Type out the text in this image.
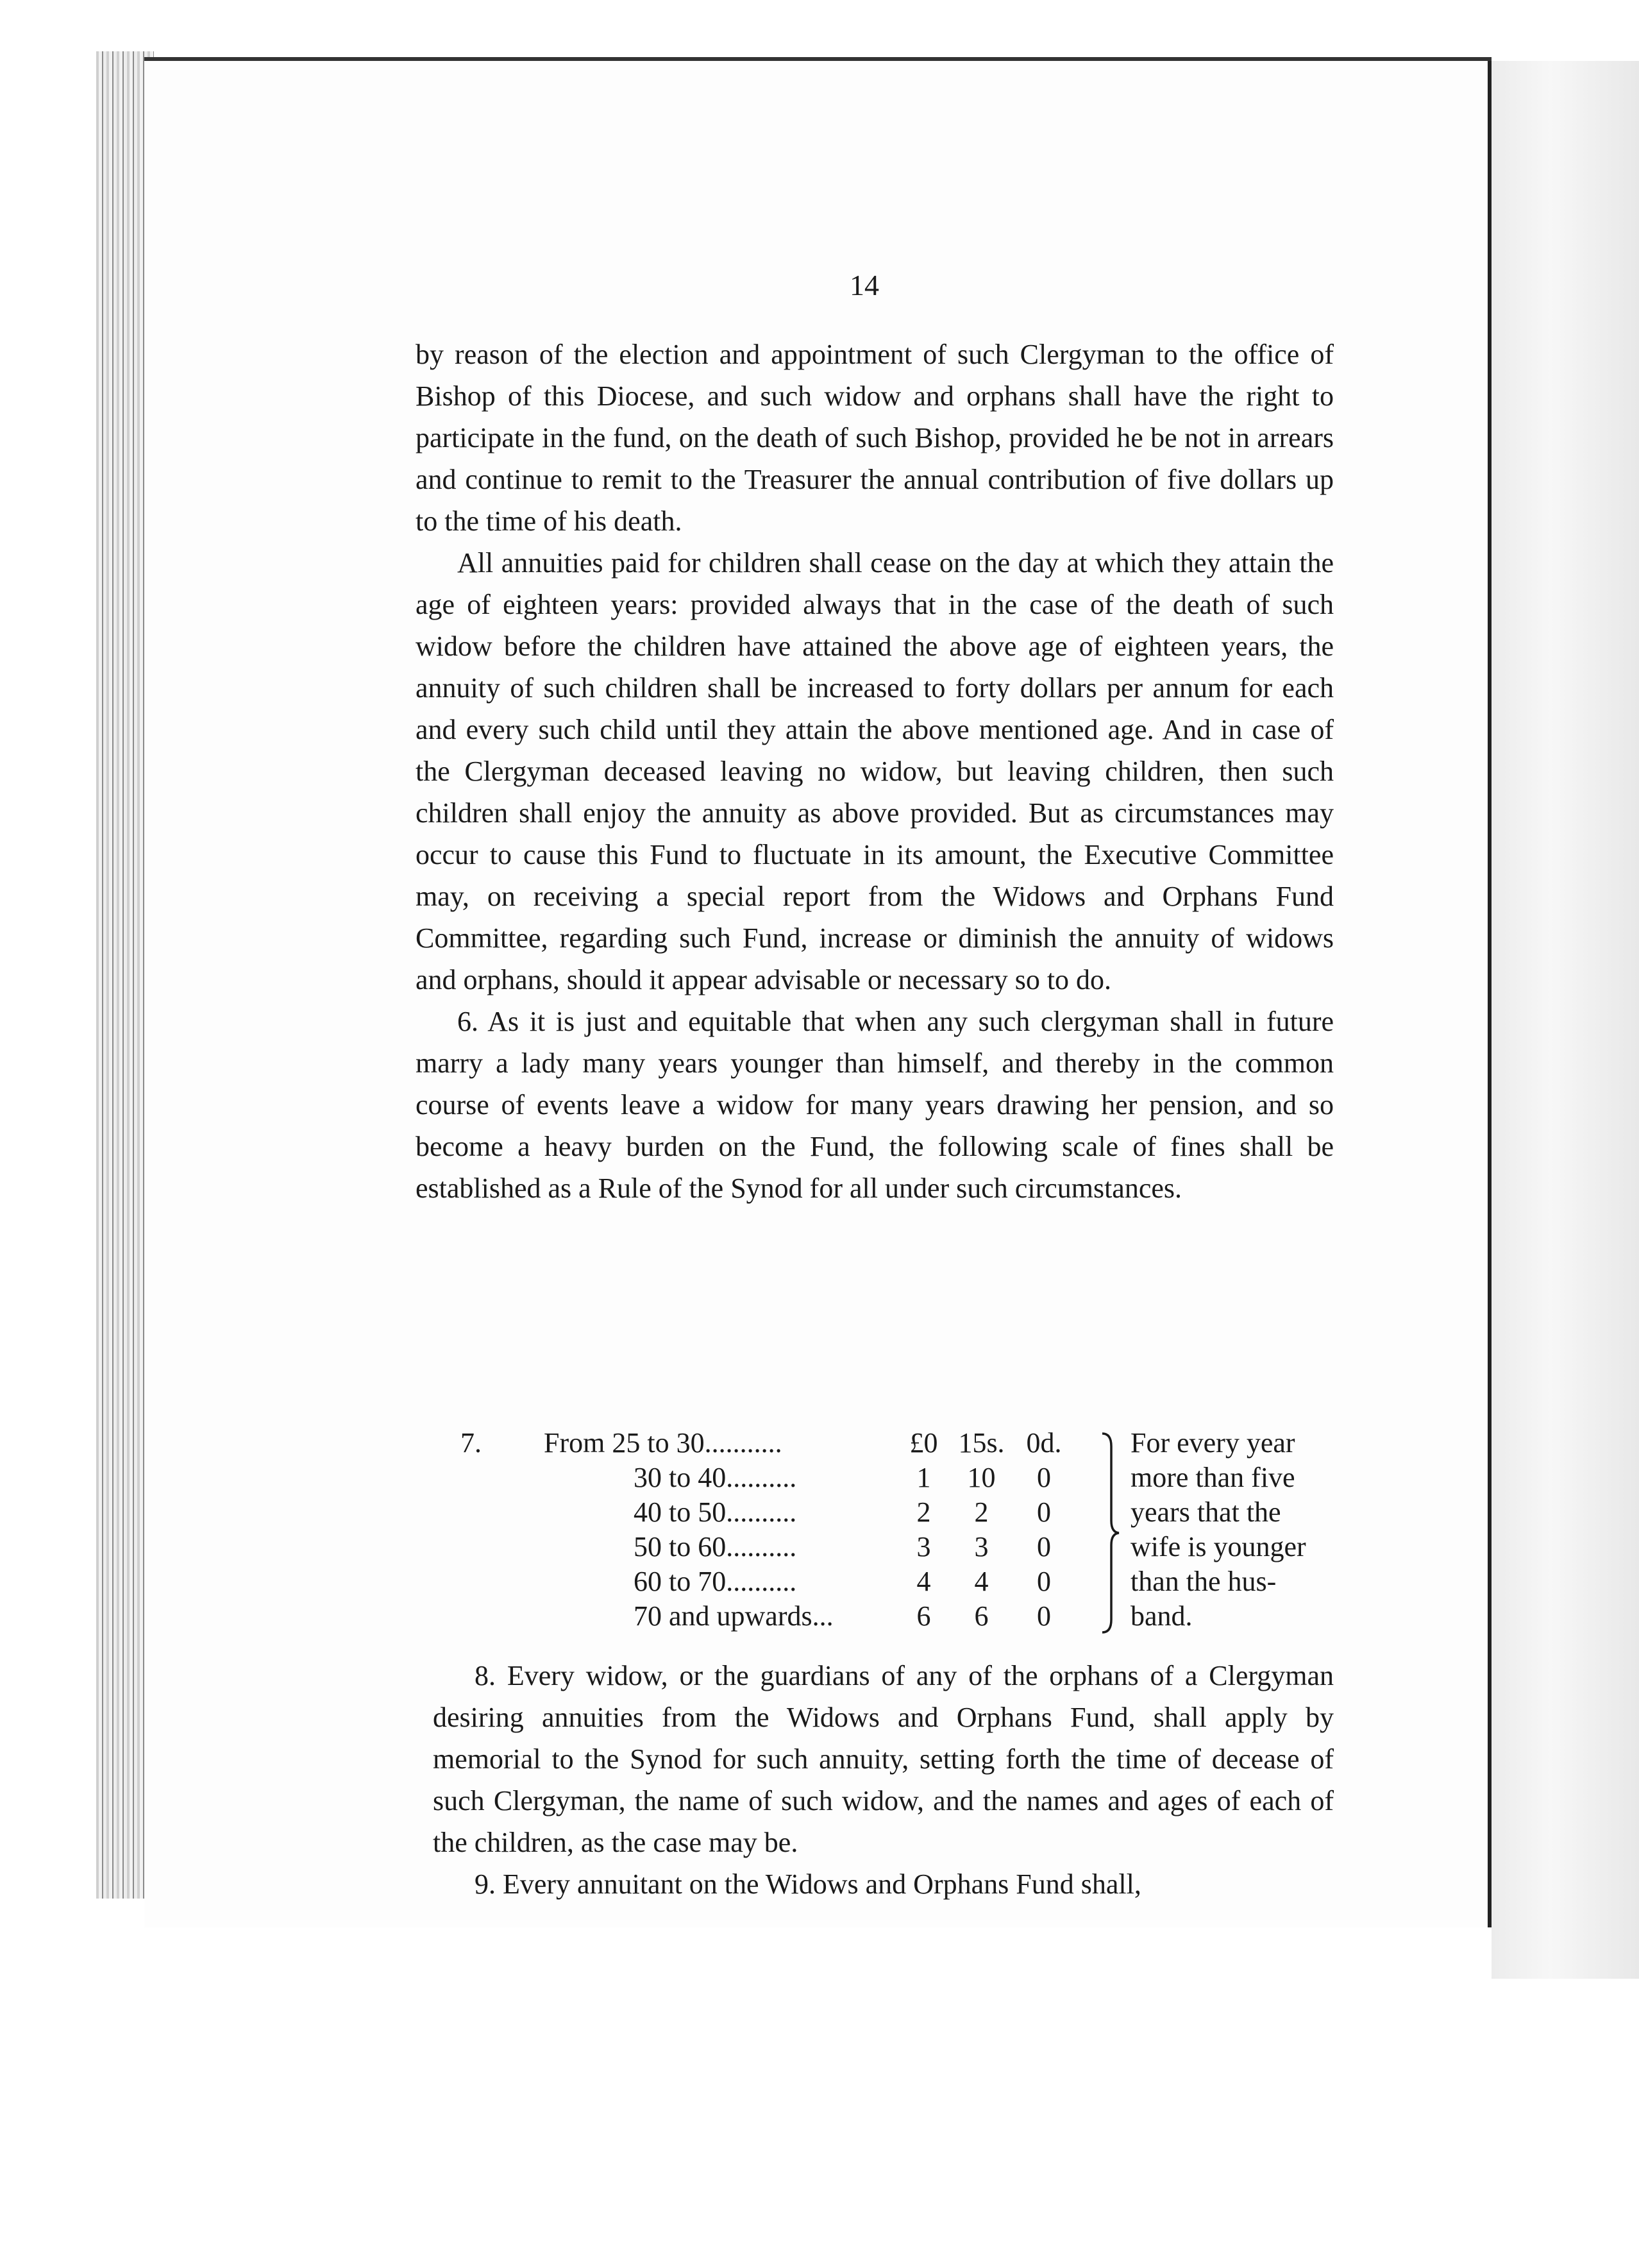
14

by reason of the election and appointment of such Clergyman to the office of Bishop of this Diocese, and such widow and orphans shall have the right to participate in the fund, on the death of such Bishop, provided he be not in arrears and continue to remit to the Treasurer the annual contribution of five dollars up to the time of his death.

All annuities paid for children shall cease on the day at which they attain the age of eighteen years: provided always that in the case of the death of such widow before the children have attained the above age of eighteen years, the annuity of such children shall be increased to forty dollars per annum for each and every such child until they attain the above mentioned age. And in case of the Clergyman deceased leaving no widow, but leaving children, then such children shall enjoy the annuity as above provided. But as circumstances may occur to cause this Fund to fluctuate in its amount, the Executive Committee may, on receiving a special report from the Widows and Orphans Fund Committee, regarding such Fund, increase or diminish the annuity of widows and orphans, should it appear advisable or necessary so to do.

6. As it is just and equitable that when any such clergyman shall in future marry a lady many years younger than himself, and thereby in the common course of events leave a widow for many years drawing her pension, and so become a heavy burden on the Fund, the following scale of fines shall be established as a Rule of the Synod for all under such circumstances.

7.	From 25 to 30...........	£0 15s. 0d.
30 to 40..........	1	10	0
40 to 50..........	2	2	0
50 to 60..........	3	3	0
60 to 70..........	4	4	0
70 and upwards...	6	6	0
For every year
more than five
years that the
wife is younger
than the hus-
band.

8. Every widow, or the guardians of any of the orphans of a Clergyman desiring annuities from the Widows and Orphans Fund, shall apply by memorial to the Synod for such annuity, setting forth the time of decease of such Clergyman, the name of such widow, and the names and ages of each of the children, as the case may be.

9. Every annuitant on the Widows and Orphans Fund shall,
